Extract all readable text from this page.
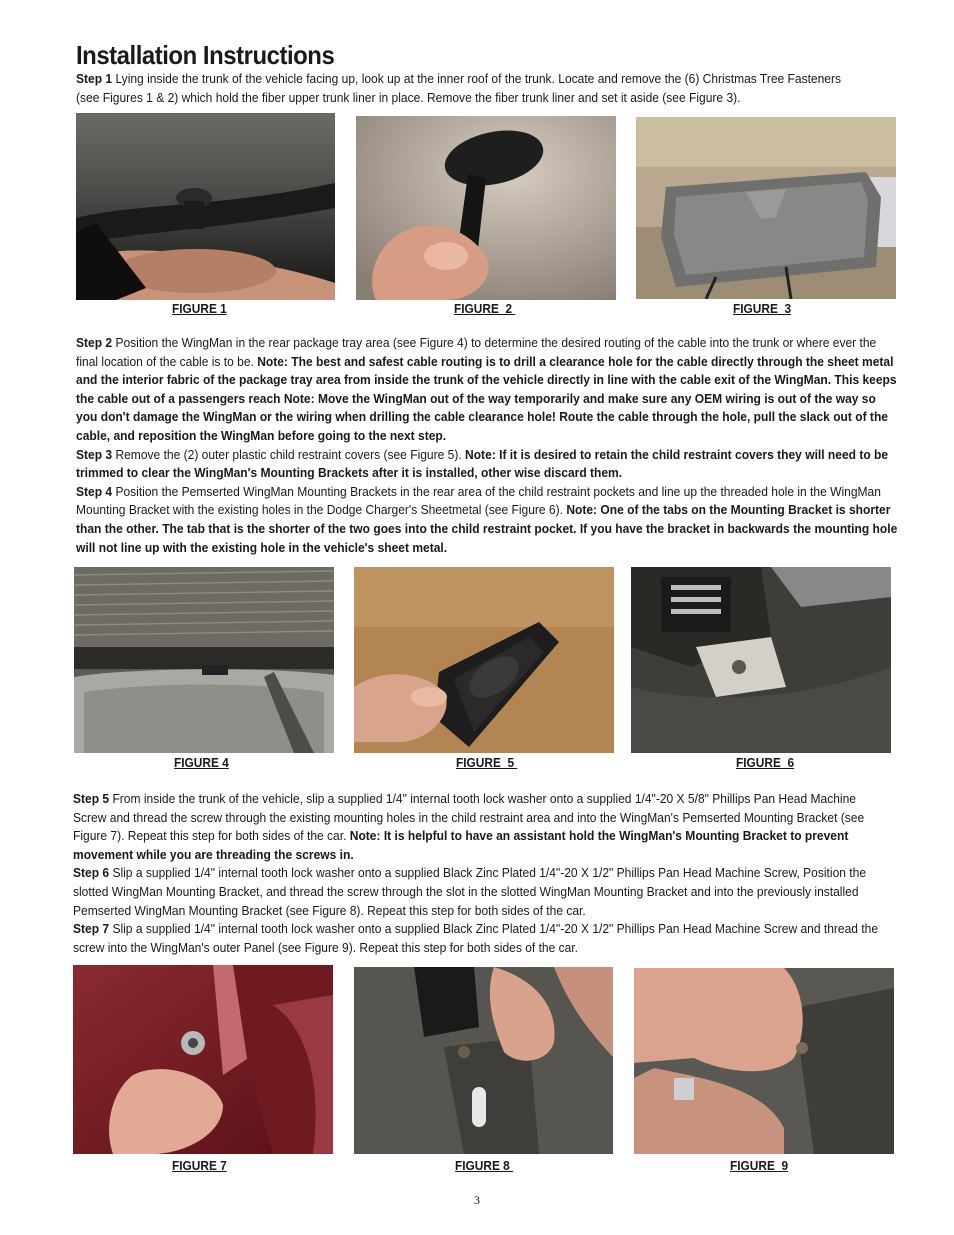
Installation Instructions

Step 1 Lying inside the trunk of the vehicle facing up, look up at the inner roof of the trunk. Locate and remove the (6) Christmas Tree Fasteners (see Figures 1 & 2) which hold the fiber upper trunk liner in place. Remove the fiber trunk liner and set it aside (see Figure 3).

FIGURE 1	FIGURE  2	FIGURE  3

Step 2 Position the WingMan in the rear package tray area (see Figure 4) to determine the desired routing of the cable into the trunk or where ever the final location of the cable is to be. Note: The best and safest cable routing is to drill a clearance hole for the cable directly through the sheet metal and the interior fabric of the package tray area from inside the trunk of the vehicle directly in line with the cable exit of the WingMan. This keeps the cable out of a passengers reach Note: Move the WingMan out of the way temporarily and make sure any OEM wiring is out of the way so you don't damage the WingMan or the wiring when drilling the cable clearance hole! Route the cable through the hole, pull the slack out of the cable, and reposition the WingMan before going to the next step.

Step 3 Remove the (2) outer plastic child restraint covers (see Figure 5). Note: If it is desired to retain the child restraint covers they will need to be trimmed to clear the WingMan's Mounting Brackets after it is installed, other wise discard them.

Step 4 Position the Pemserted WingMan Mounting Brackets in the rear area of the child restraint pockets and line up the threaded hole in the WingMan Mounting Bracket with the existing holes in the Dodge Charger's Sheetmetal (see Figure 6). Note: One of the tabs on the Mounting Bracket is shorter than the other. The tab that is the shorter of the two goes into the child restraint pocket. If you have the bracket in backwards the mounting hole will not line up with the existing hole in the vehicle's sheet metal.

FIGURE 4	FIGURE  5	FIGURE  6

Step 5 From inside the trunk of the vehicle, slip a supplied 1/4" internal tooth lock washer onto a supplied 1/4"-20 X 5/8" Phillips Pan Head Machine Screw and thread the screw through the existing mounting holes in the child restraint area and into the WingMan's Pemserted Mounting Bracket (see Figure 7). Repeat this step for both sides of the car. Note: It is helpful to have an assistant hold the WingMan's Mounting Bracket to prevent movement while you are threading the screws in.

Step 6 Slip a supplied 1/4" internal tooth lock washer onto a supplied Black Zinc Plated 1/4"-20 X 1/2" Phillips Pan Head Machine Screw, Position the slotted WingMan Mounting Bracket, and thread the screw through the slot in the slotted WingMan Mounting Bracket and into the previously installed Pemserted WingMan Mounting Bracket (see Figure 8). Repeat this step for both sides of the car.

Step 7 Slip a supplied 1/4" internal tooth lock washer onto a supplied Black Zinc Plated 1/4"-20 X 1/2" Phillips Pan Head Machine Screw and thread the screw into the WingMan's outer Panel (see Figure 9). Repeat this step for both sides of the car.

FIGURE 7	FIGURE 8	FIGURE  9
3
